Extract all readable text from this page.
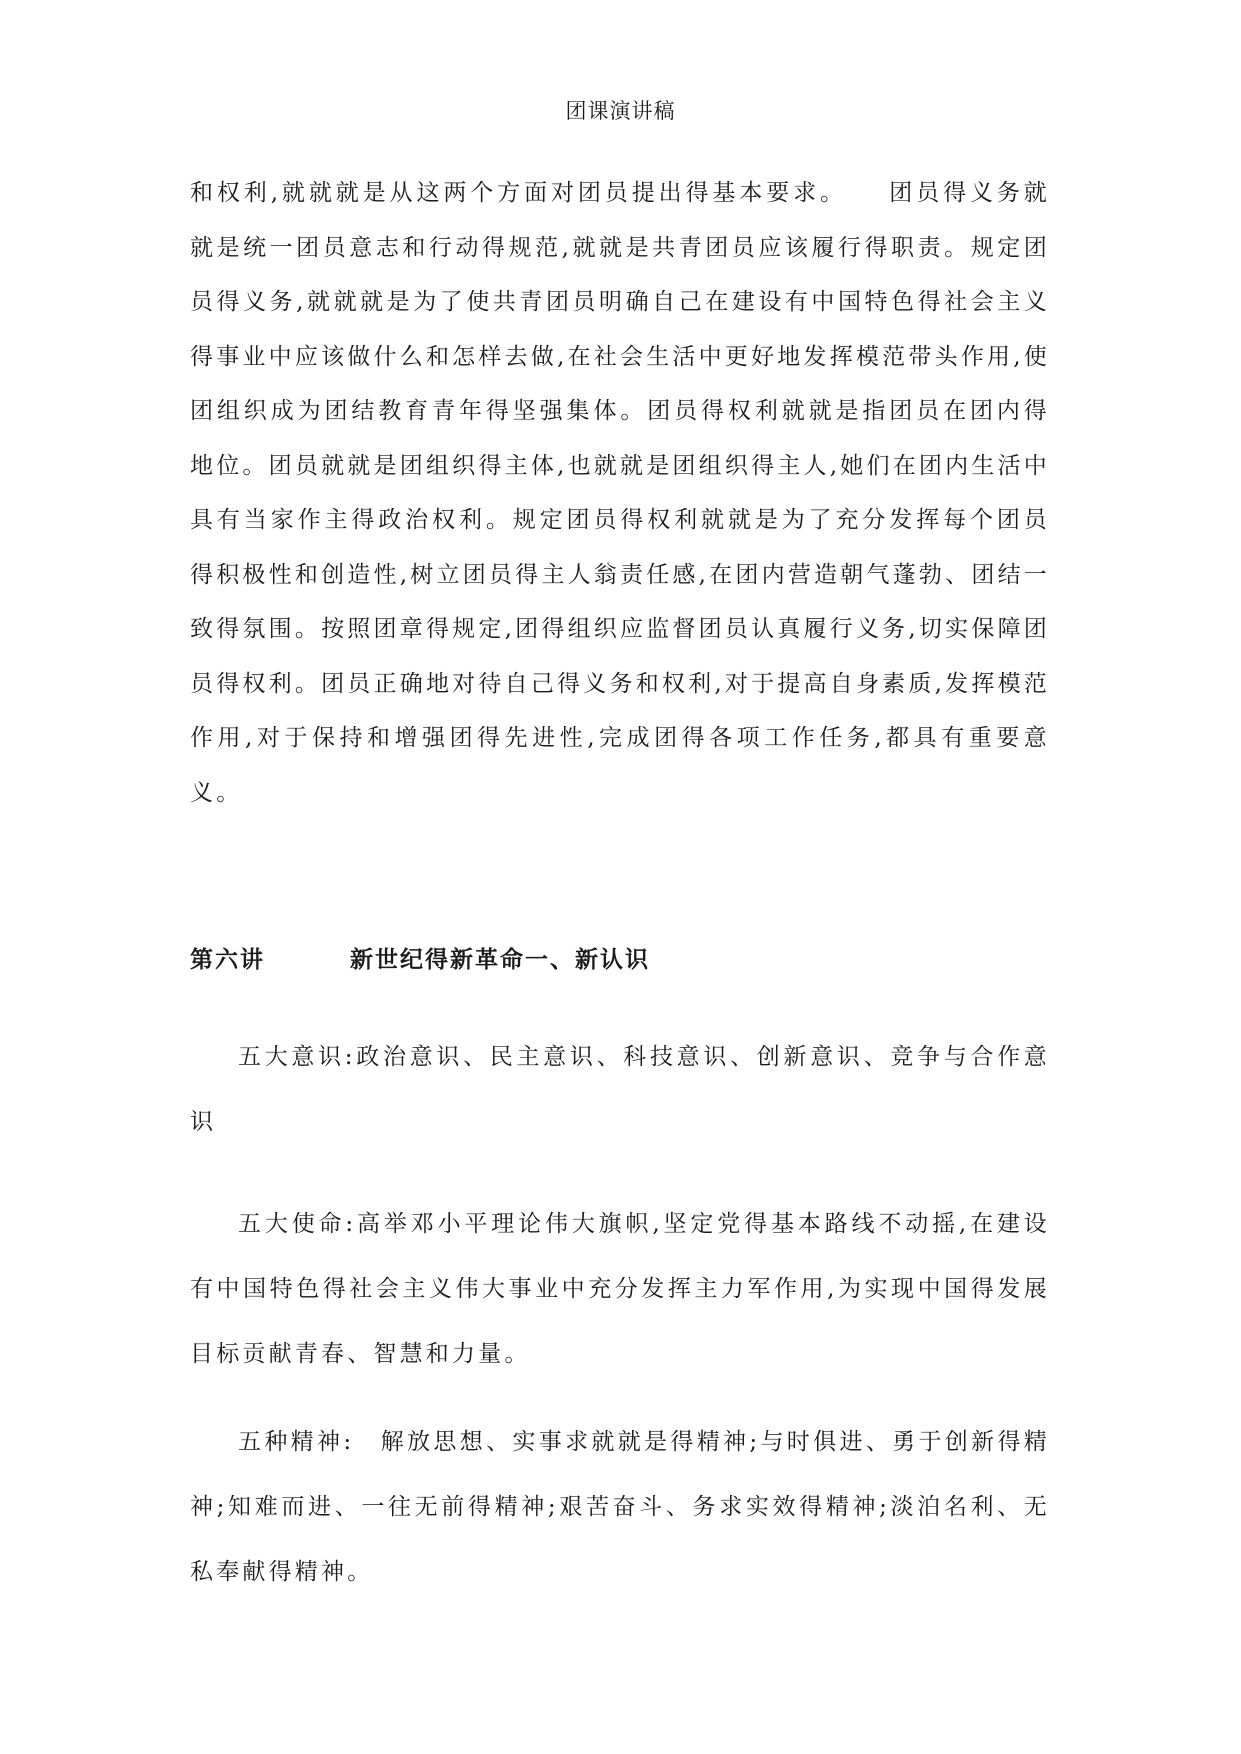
团课演讲稿

和权利,就就就是从这两个方面对团员提出得基本要求。　　团员得义务就就是统一团员意志和行动得规范,就就是共青团员应该履行得职责。规定团员得义务,就就就是为了使共青团员明确自己在建设有中国特色得社会主义得事业中应该做什么和怎样去做,在社会生活中更好地发挥模范带头作用,使团组织成为团结教育青年得坚强集体。团员得权利就就是指团员在团内得地位。团员就就是团组织得主体,也就就是团组织得主人,她们在团内生活中具有当家作主得政治权利。规定团员得权利就就是为了充分发挥每个团员得积极性和创造性,树立团员得主人翁责任感,在团内营造朝气蓬勃、团结一致得氛围。按照团章得规定,团得组织应监督团员认真履行义务,切实保障团员得权利。团员正确地对待自己得义务和权利,对于提高自身素质,发挥模范作用,对于保持和增强团得先进性,完成团得各项工作任务,都具有重要意义。

第六讲	新世纪得新革命一、新认识

五大意识:政治意识、民主意识、科技意识、创新意识、竞争与合作意识

五大使命:高举邓小平理论伟大旗帜,坚定党得基本路线不动摇,在建设有中国特色得社会主义伟大事业中充分发挥主力军作用,为实现中国得发展目标贡献青春、智慧和力量。

五种精神:　解放思想、实事求就就是得精神;与时俱进、勇于创新得精神;知难而进、一往无前得精神;艰苦奋斗、务求实效得精神;淡泊名利、无私奉献得精神。
